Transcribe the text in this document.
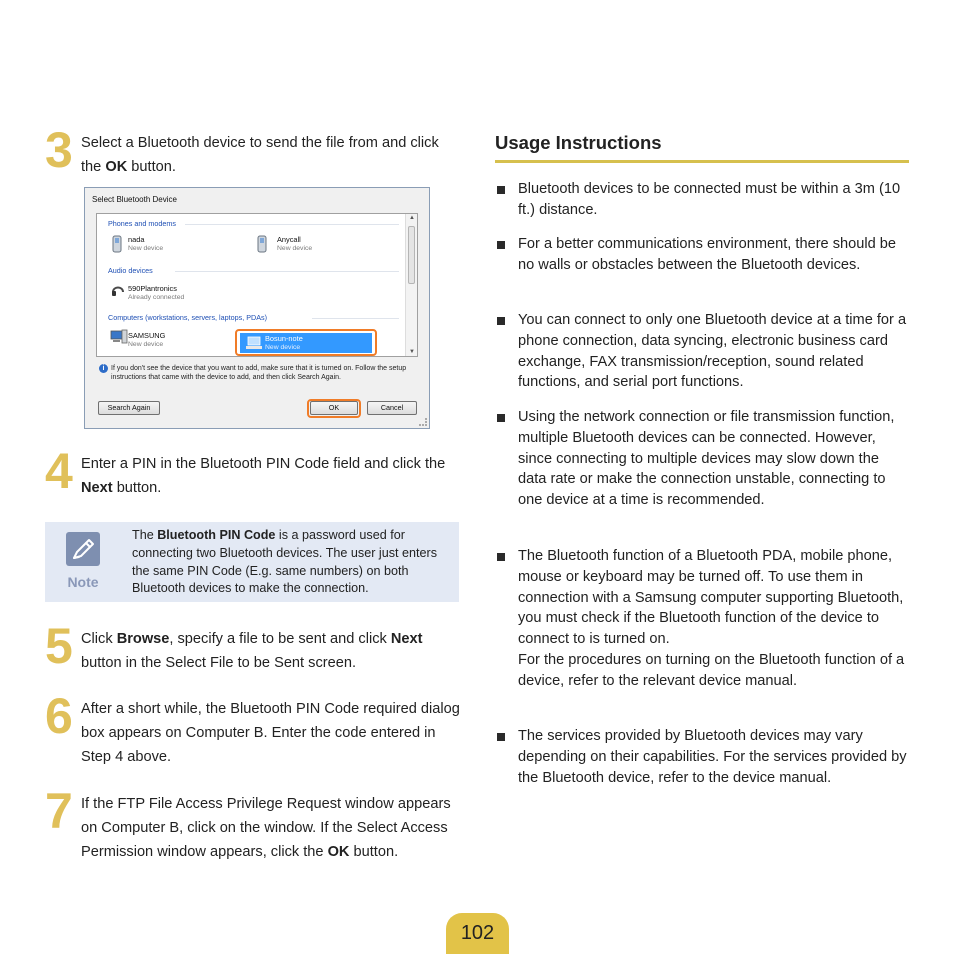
3 Select a Bluetooth device to send the file from and click the OK button.
Select Bluetooth Device
Phones and modems
nada
New device
Anycall
New device
Audio devices
590Plantronics
Already connected
Computers (workstations, servers, laptops, PDAs)
SAMSUNG
New device
▲
▼
Bosun-note
New device
i If you don't see the device that you want to add, make sure that it is turned on. Follow the setup instructions that came with the device to add, and then click Search Again.
Search Again	OK	Cancel
4 Enter a PIN in the Bluetooth PIN Code field and click the Next button.
Note
The Bluetooth PIN Code is a password used for connecting two Bluetooth devices. The user just enters the same PIN Code (E.g. same numbers) on both Bluetooth devices to make the connection.
5 Click Browse, specify a file to be sent and click Next button in the Select File to be Sent screen.
6 After a short while, the Bluetooth PIN Code required dialog box appears on Computer B. Enter the code entered in Step 4 above.
7 If the FTP File Access Privilege Request window appears on Computer B, click on the window. If the Select Access Permission window appears, click the OK button.
Usage Instructions
Bluetooth devices to be connected must be within a 3m (10 ft.) distance.
For a better communications environment, there should be no walls or obstacles between the Bluetooth devices.
You can connect to only one Bluetooth device at a time for a phone connection, data syncing, electronic business card exchange, FAX transmission/reception, sound related functions, and serial port functions.
Using the network connection or file transmission function, multiple Bluetooth devices can be connected. However, since connecting to multiple devices may slow down the data rate or make the connection unstable, connecting to one device at a time is recommended.
The Bluetooth function of a Bluetooth PDA, mobile phone, mouse or keyboard may be turned off. To use them in connection with a Samsung computer supporting Bluetooth, you must check if the Bluetooth function of the device to connect to is turned on.
For the procedures on turning on the Bluetooth function of a device, refer to the relevant device manual.
The services provided by Bluetooth devices may vary depending on their capabilities. For the services provided by the Bluetooth device, refer to the device manual.
102
